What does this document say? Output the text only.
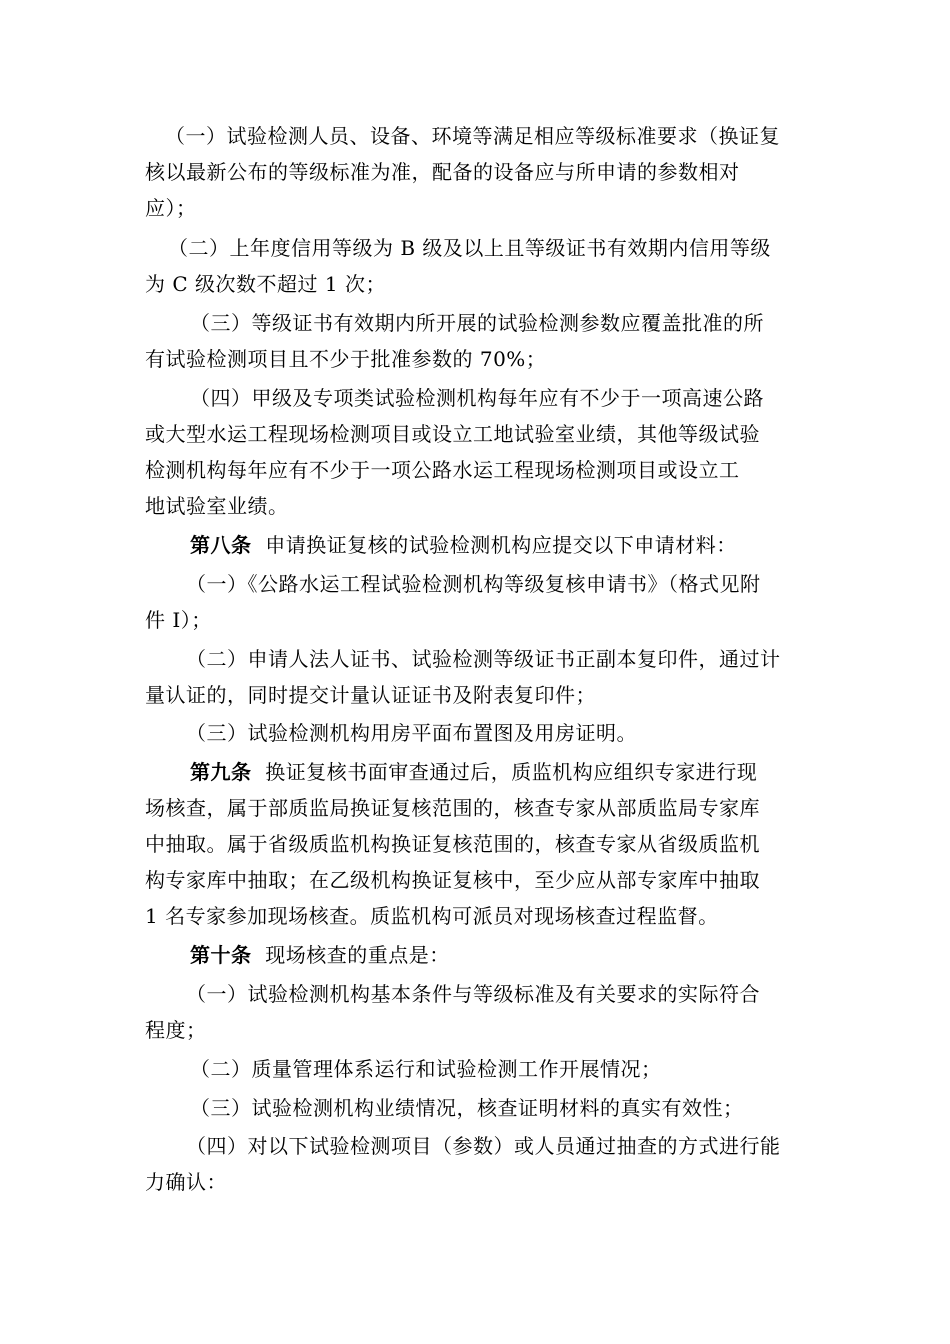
（一）试验检测人员、设备、环境等满足相应等级标准要求（换证复
核以最新公布的等级标准为准，配备的设备应与所申请的参数相对
应）；
（二）上年度信用等级为 B 级及以上且等级证书有效期内信用等级
为 C 级次数不超过 1 次；
（三）等级证书有效期内所开展的试验检测参数应覆盖批准的所
有试验检测项目且不少于批准参数的 70%；
（四）甲级及专项类试验检测机构每年应有不少于一项高速公路
或大型水运工程现场检测项目或设立工地试验室业绩，其他等级试验
检测机构每年应有不少于一项公路水运工程现场检测项目或设立工
地试验室业绩。
第八条 申请换证复核的试验检测机构应提交以下申请材料：
（一）《公路水运工程试验检测机构等级复核申请书》（格式见附
件 I）；
（二）申请人法人证书、试验检测等级证书正副本复印件，通过计
量认证的，同时提交计量认证证书及附表复印件；
（三）试验检测机构用房平面布置图及用房证明。
第九条 换证复核书面审查通过后，质监机构应组织专家进行现
场核查，属于部质监局换证复核范围的，核查专家从部质监局专家库
中抽取。属于省级质监机构换证复核范围的，核查专家从省级质监机
构专家库中抽取；在乙级机构换证复核中，至少应从部专家库中抽取
1 名专家参加现场核查。质监机构可派员对现场核查过程监督。
第十条 现场核查的重点是：
（一）试验检测机构基本条件与等级标准及有关要求的实际符合
程度；
（二）质量管理体系运行和试验检测工作开展情况；
（三）试验检测机构业绩情况，核查证明材料的真实有效性；
（四）对以下试验检测项目（参数）或人员通过抽查的方式进行能
力确认：
